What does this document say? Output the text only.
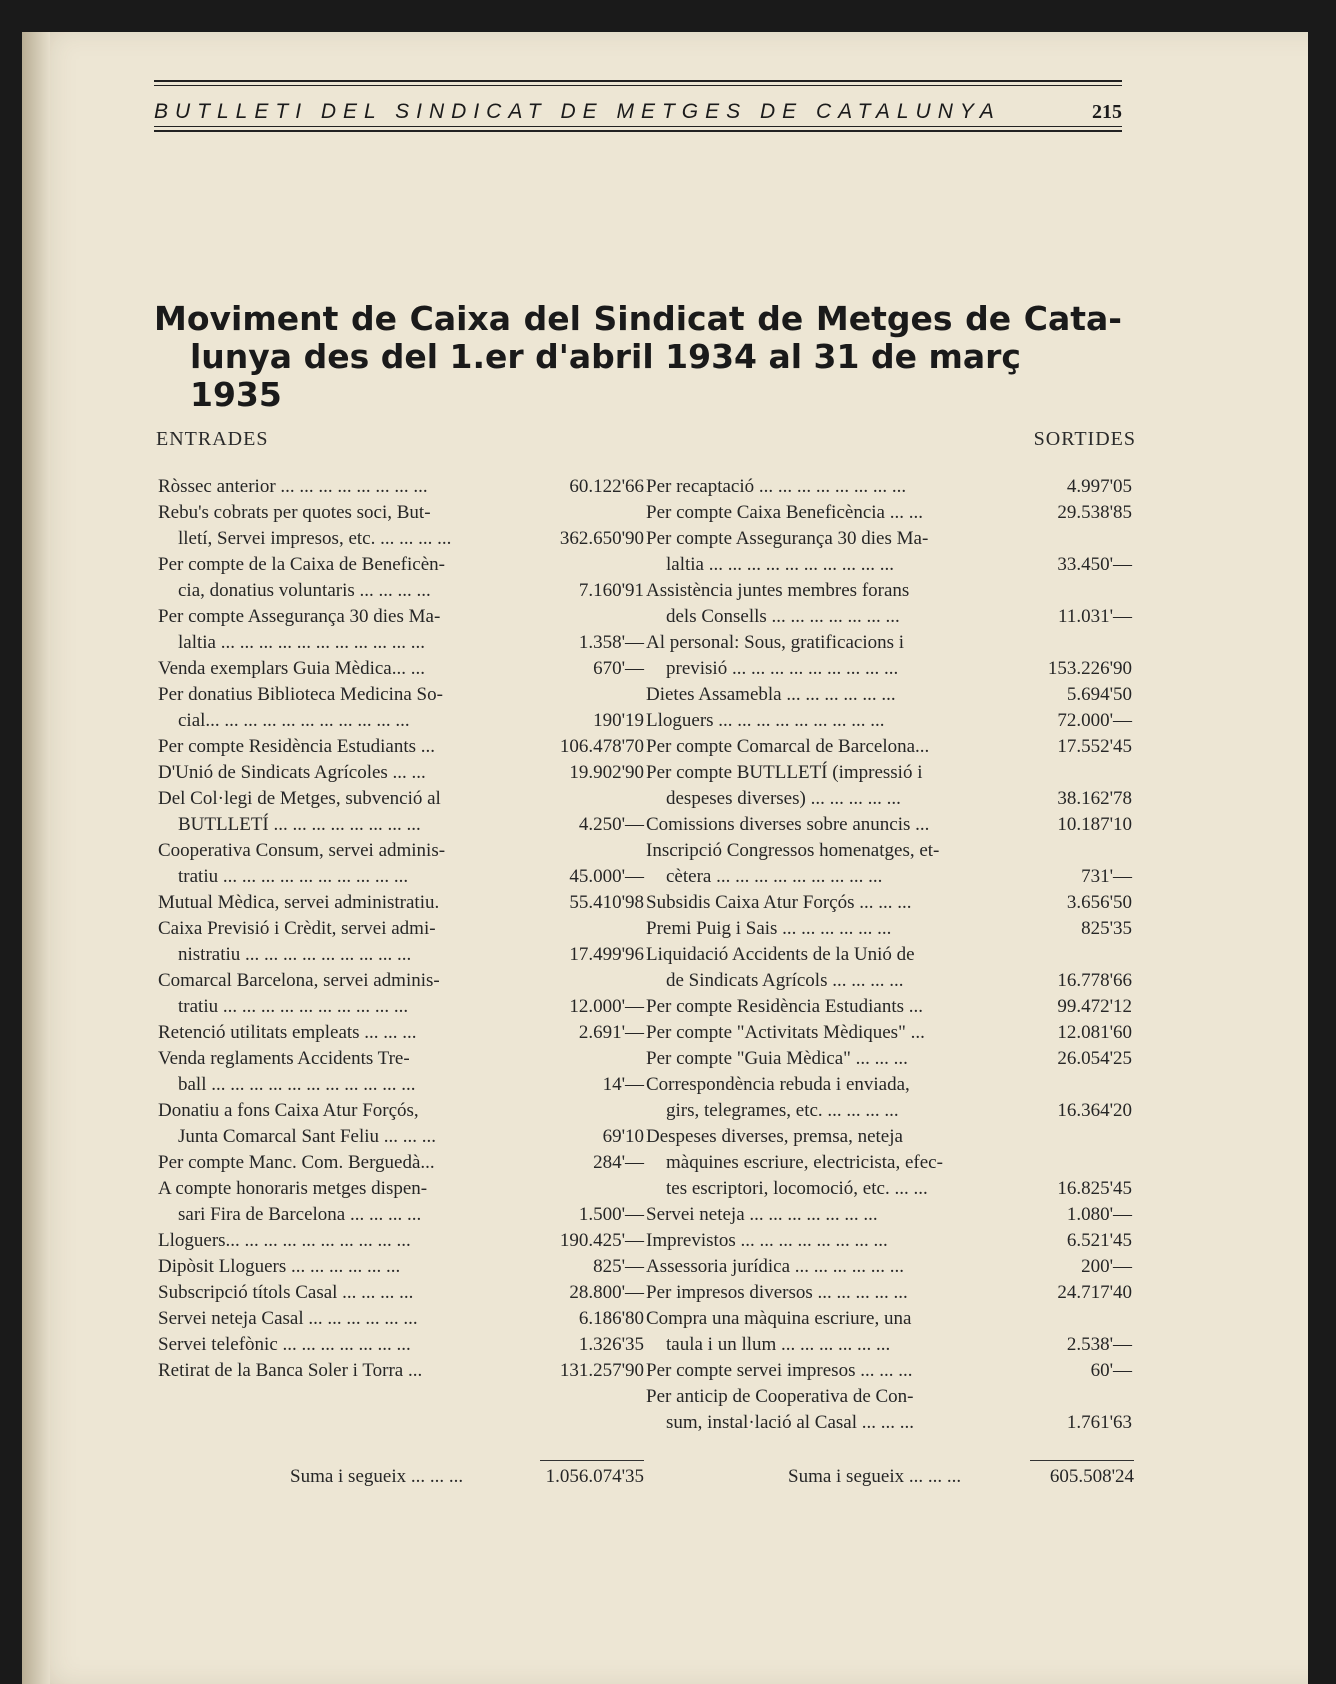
BUTLLETI DEL SINDICAT DE METGES DE CATALUNYA	215
Moviment de Caixa del Sindicat de Metges de Cata-
lunya des del 1.er d'abril 1934 al 31 de març 1935
ENTRADES	SORTIDES
Ròssec anterior ... ... ... ... ... ... ... ...	60.122'66
Rebu's cobrats per quotes soci, But-
lletí, Servei impresos, etc. ... ... ... ...	362.650'90
Per compte de la Caixa de Beneficèn-
cia, donatius voluntaris ... ... ... ...	7.160'91
Per compte Assegurança 30 dies Ma-
laltia ... ... ... ... ... ... ... ... ... ... ...	1.358'—
Venda exemplars Guia Mèdica... ...	670'—
Per donatius Biblioteca Medicina So-
cial... ... ... ... ... ... ... ... ... ... ...	190'19
Per compte Residència Estudiants ...	106.478'70
D'Unió de Sindicats Agrícoles ... ...	19.902'90
Del Col·legi de Metges, subvenció al
BUTLLETÍ ... ... ... ... ... ... ... ...	4.250'—
Cooperativa Consum, servei adminis-
tratiu ... ... ... ... ... ... ... ... ... ...	45.000'—
Mutual Mèdica, servei administratiu.	55.410'98
Caixa Previsió i Crèdit, servei admi-
nistratiu ... ... ... ... ... ... ... ... ...	17.499'96
Comarcal Barcelona, servei adminis-
tratiu ... ... ... ... ... ... ... ... ... ...	12.000'—
Retenció utilitats empleats ... ... ...	2.691'—
Venda reglaments Accidents Tre-
ball ... ... ... ... ... ... ... ... ... ... ...	14'—
Donatiu a fons Caixa Atur Forçós,
Junta Comarcal Sant Feliu ... ... ...	69'10
Per compte Manc. Com. Berguedà...	284'—
A compte honoraris metges dispen-
sari Fira de Barcelona ... ... ... ...	1.500'—
Lloguers... ... ... ... ... ... ... ... ... ...	190.425'—
Dipòsit Lloguers ... ... ... ... ... ...	825'—
Subscripció títols Casal ... ... ... ...	28.800'—
Servei neteja Casal ... ... ... ... ... ...	6.186'80
Servei telefònic ... ... ... ... ... ... ...	1.326'35
Retirat de la Banca Soler i Torra ...	131.257'90
Per recaptació ... ... ... ... ... ... ... ...	4.997'05
Per compte Caixa Beneficència ... ...	29.538'85
Per compte Assegurança 30 dies Ma-
laltia ... ... ... ... ... ... ... ... ... ...	33.450'—
Assistència juntes membres forans
dels Consells ... ... ... ... ... ... ...	11.031'—
Al personal: Sous, gratificacions i
previsió ... ... ... ... ... ... ... ... ...	153.226'90
Dietes Assamebla ... ... ... ... ... ...	5.694'50
Lloguers ... ... ... ... ... ... ... ... ...	72.000'—
Per compte Comarcal de Barcelona...	17.552'45
Per compte BUTLLETÍ (impressió i
despeses diverses) ... ... ... ... ...	38.162'78
Comissions diverses sobre anuncis ...	10.187'10
Inscripció Congressos homenatges, et-
cètera ... ... ... ... ... ... ... ... ...	731'—
Subsidis Caixa Atur Forçós ... ... ...	3.656'50
Premi Puig i Sais ... ... ... ... ... ...	825'35
Liquidació Accidents de la Unió de
de Sindicats Agrícols ... ... ... ...	16.778'66
Per compte Residència Estudiants ...	99.472'12
Per compte "Activitats Mèdiques" ...	12.081'60
Per compte "Guia Mèdica" ... ... ...	26.054'25
Correspondència rebuda i enviada,
girs, telegrames, etc. ... ... ... ...	16.364'20
Despeses diverses, premsa, neteja
màquines escriure, electricista, efec-
tes escriptori, locomoció, etc. ... ...	16.825'45
Servei neteja ... ... ... ... ... ... ...	1.080'—
Imprevistos ... ... ... ... ... ... ... ...	6.521'45
Assessoria jurídica ... ... ... ... ... ...	200'—
Per impresos diversos ... ... ... ... ...	24.717'40
Compra una màquina escriure, una
taula i un llum ... ... ... ... ... ...	2.538'—
Per compte servei impresos ... ... ...	60'—
Per anticip de Cooperativa de Con-
sum, instal·lació al Casal ... ... ...	1.761'63
Suma i segueix ... ... ...	1.056.074'35	Suma i segueix ... ... ...	605.508'24
